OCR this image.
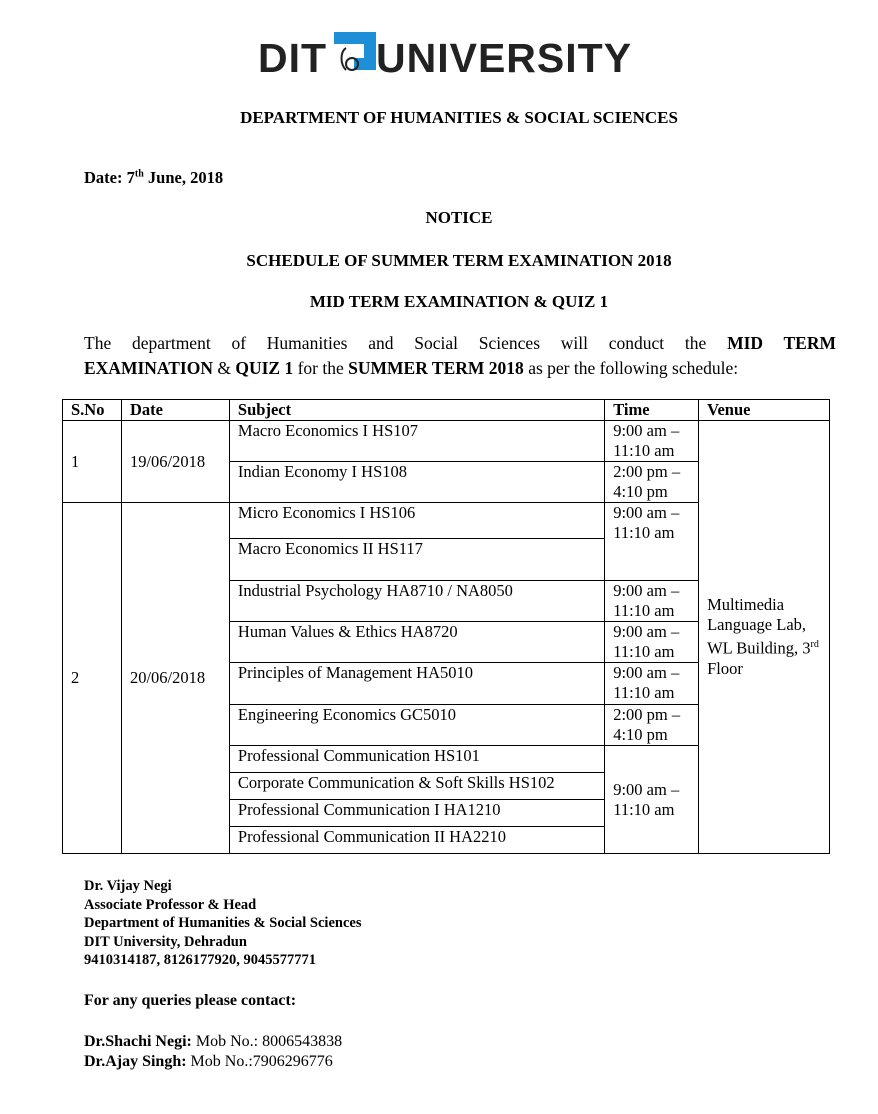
DIT UNIVERSITY
DEPARTMENT OF HUMANITIES & SOCIAL SCIENCES
Date: 7th June, 2018
NOTICE
SCHEDULE OF SUMMER TERM EXAMINATION 2018
MID TERM EXAMINATION & QUIZ 1
The department of Humanities and Social Sciences will conduct the MID TERM
EXAMINATION & QUIZ 1 for the SUMMER TERM 2018 as per the following schedule:
S.No	Date	Subject	Time	Venue
1	19/06/2018	Macro Economics I HS107	9:00 am – 11:10 am	Multimedia Language Lab, WL Building, 3rd Floor
		Indian Economy I HS108	2:00 pm – 4:10 pm	
2	20/06/2018	Micro Economics I HS106	9:00 am – 11:10 am	
		Macro Economics II HS117		
		Industrial Psychology HA8710 / NA8050	9:00 am – 11:10 am	
		Human Values & Ethics HA8720	9:00 am – 11:10 am	
		Principles of Management HA5010	9:00 am – 11:10 am	
		Engineering Economics GC5010	2:00 pm – 4:10 pm	
		Professional Communication HS101	9:00 am – 11:10 am	
		Corporate Communication & Soft Skills HS102		
		Professional Communication I HA1210		
		Professional Communication II HA2210		
Dr. Vijay Negi
Associate Professor & Head
Department of Humanities & Social Sciences
DIT University, Dehradun
9410314187, 8126177920, 9045577771
For any queries please contact:
Dr.Shachi Negi: Mob No.: 8006543838
Dr.Ajay Singh: Mob No.:7906296776
